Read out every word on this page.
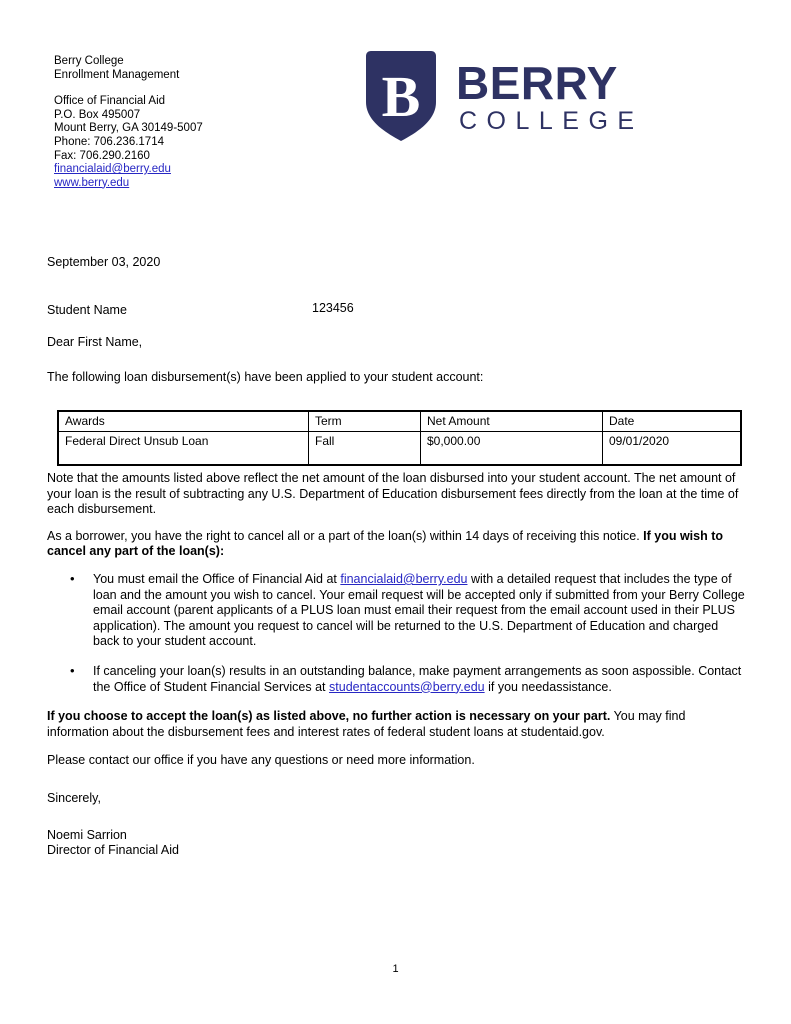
Berry College
Enrollment Management
Office of Financial Aid
P.O. Box 495007
Mount Berry, GA 30149-5007
Phone: 706.236.1714
Fax: 706.290.2160
financialaid@berry.edu
www.berry.edu
B BERRY
COLLEGE
September 03, 2020
Student Name	123456
Dear First Name,
The following loan disbursement(s) have been applied to your student account:
Awards	Term	Net Amount	Date
Federal Direct Unsub Loan	Fall	$0,000.00	09/01/2020

Note that the amounts listed above reflect the net amount of the loan disbursed into your student account. The net amount of your loan is the result of subtracting any U.S. Department of Education disbursement fees directly from the loan at the time of each disbursement.

As a borrower, you have the right to cancel all or a part of the loan(s) within 14 days of receiving this notice. If you wish to cancel any part of the loan(s):

• You must email the Office of Financial Aid at financialaid@berry.edu with a detailed request that includes the type of loan and the amount you wish to cancel. Your email request will be accepted only if submitted from your Berry College email account (parent applicants of a PLUS loan must email their request from the email account used in their PLUS application). The amount you request to cancel will be returned to the U.S. Department of Education and charged back to your student account.
• If canceling your loan(s) results in an outstanding balance, make payment arrangements as soon aspossible. Contact the Office of Student Financial Services at studentaccounts@berry.edu if you needassistance.

If you choose to accept the loan(s) as listed above, no further action is necessary on your part. You may find information about the disbursement fees and interest rates of federal student loans at studentaid.gov.

Please contact our office if you have any questions or need more information.

Sincerely,

Noemi Sarrion
Director of Financial Aid
1
